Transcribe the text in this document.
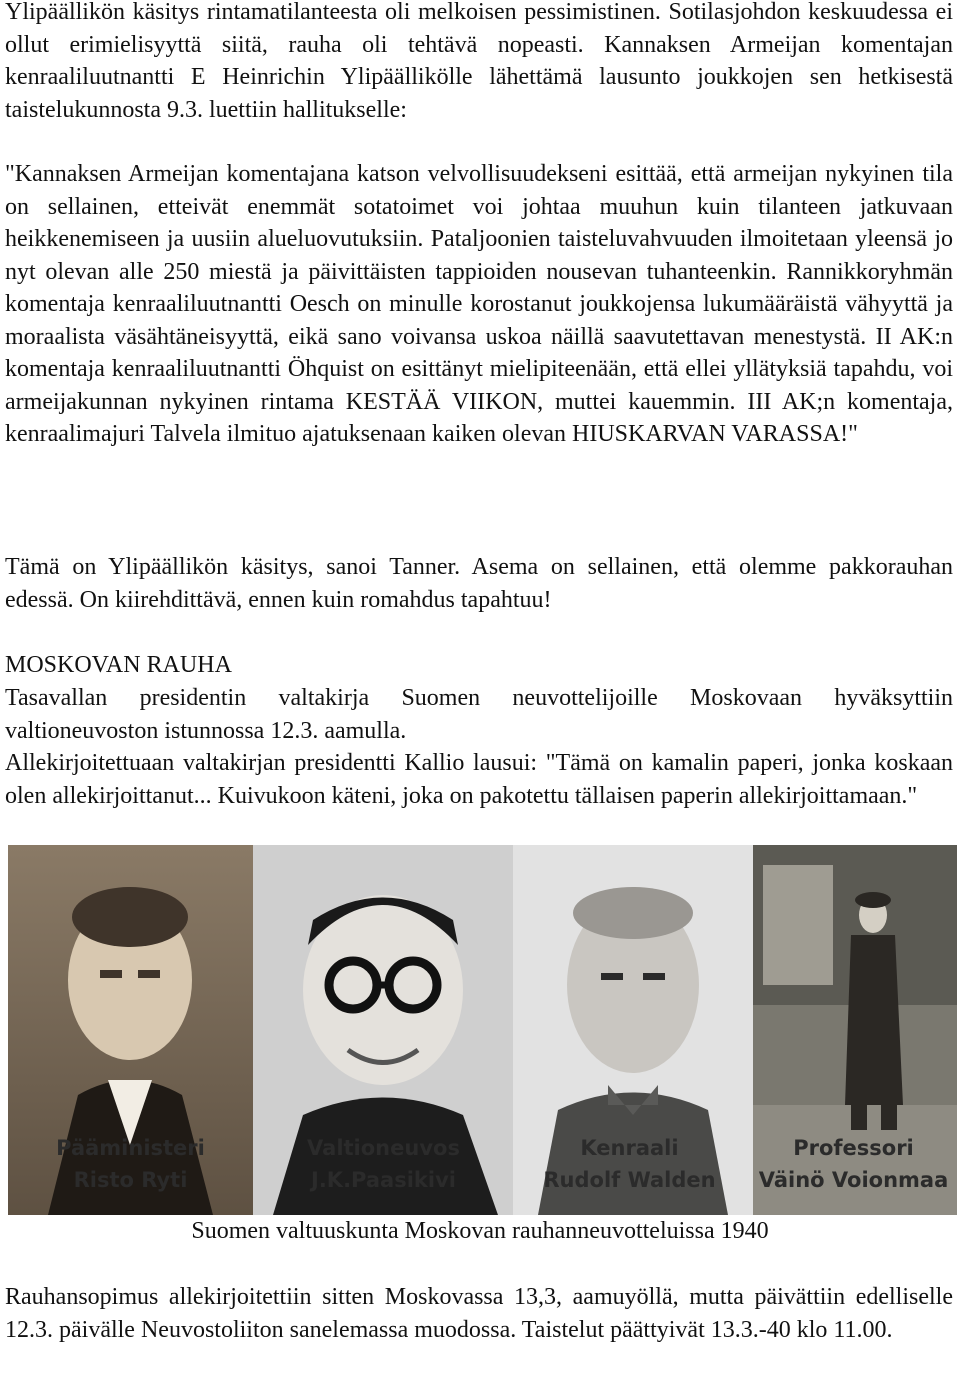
Ylipäällikön käsitys rintamatilanteesta oli melkoisen pessimistinen. Sotilasjohdon keskuudessa ei ollut erimielisyyttä siitä, rauha oli tehtävä nopeasti. Kannaksen Armeijan komentajan kenraaliluutnantti E Heinrichin Ylipäällikölle lähettämä lausunto joukkojen sen hetkisestä taistelukunnosta 9.3. luettiin hallitukselle:

"Kannaksen Armeijan komentajana katson velvollisuudekseni esittää, että armeijan nykyinen tila on sellainen, etteivät enemmät sotatoimet voi johtaa muuhun kuin tilanteen jatkuvaan heikkenemiseen ja uusiin alueluovutuksiin. Pataljoonien taisteluvahvuuden ilmoitetaan yleensä jo nyt olevan alle 250 miestä ja päivittäisten tappioiden nousevan tuhanteenkin. Rannikkoryhmän komentaja kenraaliluutnantti Oesch on minulle korostanut joukkojensa lukumääräistä vähyyttä ja moraalista väsähtäneisyyttä, eikä sano voivansa uskoa näillä saavutettavan menestystä. II AK:n komentaja kenraaliluutnantti Öhquist on esittänyt mielipiteenään, että ellei yllätyksiä tapahdu, voi armeijakunnan nykyinen rintama KESTÄÄ VIIKON, muttei kauemmin. III AK;n komentaja, kenraalimajuri Talvela ilmituo ajatuksenaan kaiken olevan HIUSKARVAN VARASSA!"

Tämä on Ylipäällikön käsitys, sanoi Tanner. Asema on sellainen, että olemme pakkorauhan edessä. On kiirehdittävä, ennen kuin romahdus tapahtuu!

MOSKOVAN RAUHA

Tasavallan presidentin valtakirja Suomen neuvottelijoille Moskovaan hyväksyttiin valtioneuvoston istunnossa 12.3. aamulla.

Allekirjoitettuaan valtakirjan presidentti Kallio lausui: "Tämä on kamalin paperi, jonka koskaan olen allekirjoittanut... Kuivukoon käteni, joka on pakotettu tällaisen paperin allekirjoittamaan."

Pääministeri
Risto Ryti
Valtioneuvos
J.K.Paasikivi
Kenraali
Rudolf Walden
Professori
Väinö Voionmaa
Suomen valtuuskunta Moskovan rauhanneuvotteluissa 1940

Rauhansopimus allekirjoitettiin sitten Moskovassa 13,3, aamuyöllä, mutta päivättiin edelliselle 12.3. päivälle Neuvostoliiton sanelemassa muodossa. Taistelut päättyivät 13.3.-40 klo 11.00.
